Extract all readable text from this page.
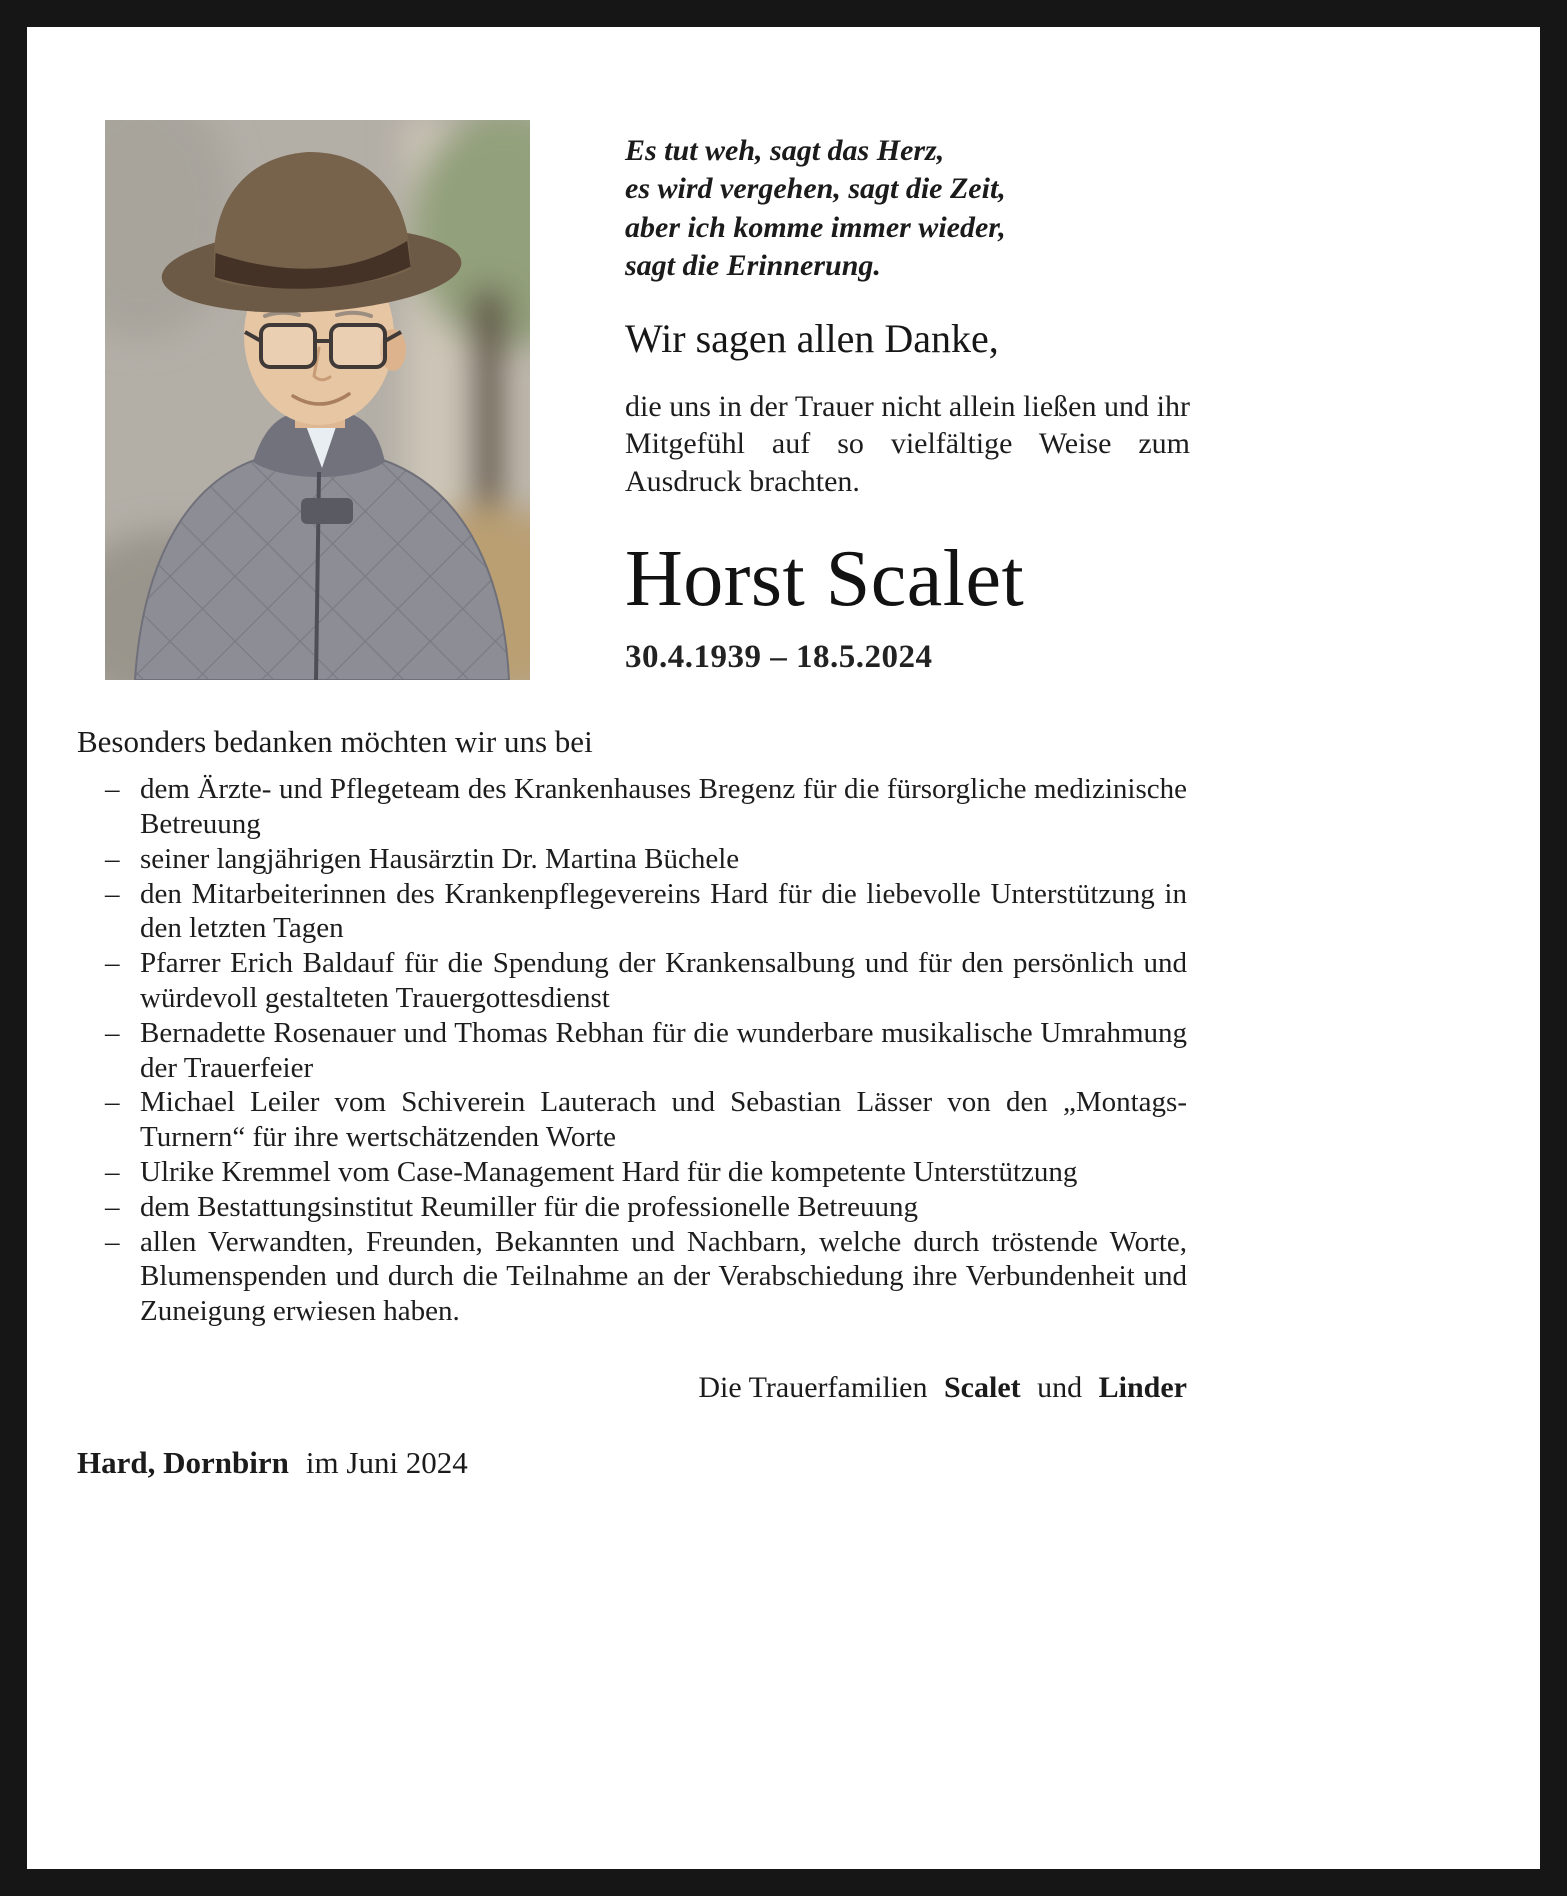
Es tut weh, sagt das Herz,
es wird vergehen, sagt die Zeit,
aber ich komme immer wieder,
sagt die Erinnerung.
Wir sagen allen Danke,
die uns in der Trauer nicht allein ließen und ihr Mitgefühl auf so vielfältige Weise zum Ausdruck brachten.
Horst Scalet
30.4.1939 – 18.5.2024
Besonders bedanken möchten wir uns bei
– dem Ärzte- und Pflegeteam des Krankenhauses Bregenz für die fürsorgliche medizinische Betreuung
– seiner langjährigen Hausärztin Dr. Martina Büchele
– den Mitarbeiterinnen des Krankenpflegevereins Hard für die liebevolle Unterstützung in den letzten Tagen
– Pfarrer Erich Baldauf für die Spendung der Krankensalbung und für den persönlich und würdevoll gestalteten Trauergottesdienst
– Bernadette Rosenauer und Thomas Rebhan für die wunderbare musikalische Umrahmung der Trauerfeier
– Michael Leiler vom Schiverein Lauterach und Sebastian Lässer von den „Montags-Turnern“ für ihre wertschätzenden Worte
– Ulrike Kremmel vom Case-Management Hard für die kompetente Unterstützung
– dem Bestattungsinstitut Reumiller für die professionelle Betreuung
– allen Verwandten, Freunden, Bekannten und Nachbarn, welche durch tröstende Worte, Blumenspenden und durch die Teilnahme an der Verabschiedung ihre Verbundenheit und Zuneigung erwiesen haben.
Die Trauerfamilien Scalet und Linder
Hard, Dornbirn im Juni 2024
